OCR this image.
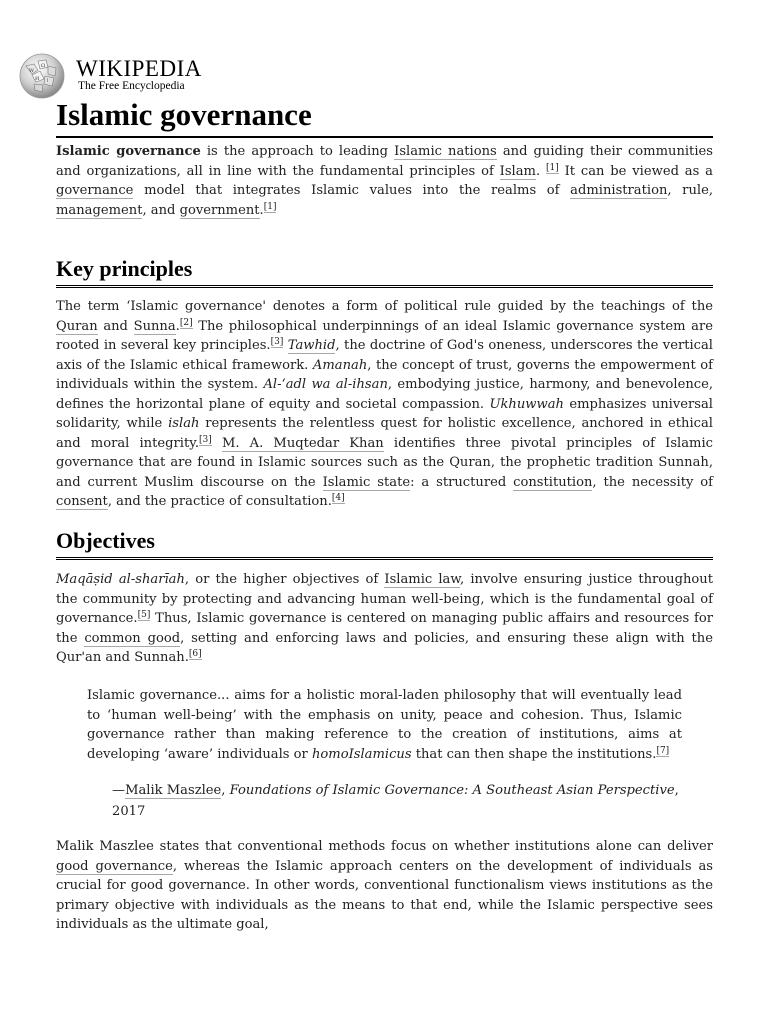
W
Ω
И ا WIKIPEDIA
The Free Encyclopedia
Islamic governance

Islamic governance is the approach to leading Islamic nations and guiding their communities and organizations, all in line with the fundamental principles of Islam. [1] It can be viewed as a governance model that integrates Islamic values into the realms of administration, rule, management, and government.[1]

Key principles

The term ‘Islamic governance' denotes a form of political rule guided by the teachings of the Quran and Sunna.[2] The philosophical underpinnings of an ideal Islamic governance system are rooted in several key principles.[3] Tawhid, the doctrine of God's oneness, underscores the vertical axis of the Islamic ethical framework. Amanah, the concept of trust, governs the empowerment of individuals within the system. Al-‘adl wa al-ihsan, embodying justice, harmony, and benevolence, defines the horizontal plane of equity and societal compassion. Ukhuwwah emphasizes universal solidarity, while islah represents the relentless quest for holistic excellence, anchored in ethical and moral integrity.[3] M. A. Muqtedar Khan identifies three pivotal principles of Islamic governance that are found in Islamic sources such as the Quran, the prophetic tradition Sunnah, and current Muslim discourse on the Islamic state: a structured constitution, the necessity of consent, and the practice of consultation.[4]

Objectives

Maqāṣid al-sharīah, or the higher objectives of Islamic law, involve ensuring justice throughout the community by protecting and advancing human well-being, which is the fundamental goal of governance.[5] Thus, Islamic governance is centered on managing public affairs and resources for the common good, setting and enforcing laws and policies, and ensuring these align with the Qur'an and Sunnah.[6]

Islamic governance... aims for a holistic moral-laden philosophy that will eventually lead to ‘human well-being’ with the emphasis on unity, peace and cohesion. Thus, Islamic governance rather than making reference to the creation of institutions, aims at developing ‘aware’ individuals or homoIslamicus that can then shape the institutions.[7]
—Malik Maszlee, Foundations of Islamic Governance: A Southeast Asian Perspective,
2017

Malik Maszlee states that conventional methods focus on whether institutions alone can deliver good governance, whereas the Islamic approach centers on the development of individuals as crucial for good governance. In other words, conventional functionalism views institutions as the primary objective with individuals as the means to that end, while the Islamic perspective sees individuals as the ultimate goal,
